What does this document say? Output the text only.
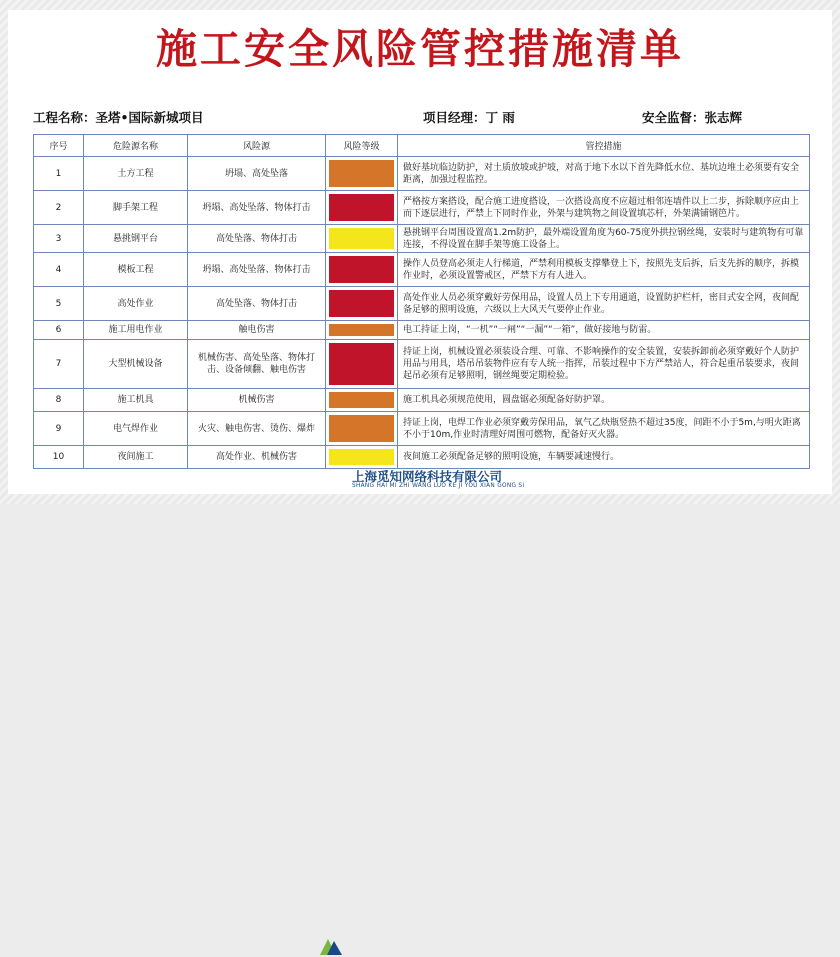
施工安全风险管控措施清单
工程名称：圣塔•国际新城项目	项目经理：丁 雨	安全监督：张志辉
序号	危险源名称	风险源	风险等级	管控措施
1	土方工程	坍塌、高处坠落		做好基坑临边防护，对土质放坡或护坡，对高于地下水以下首先降低水位、基坑边堆土必须要有安全距离，加强过程监控。
2	脚手架工程	坍塌、高处坠落、物体打击		严格按方案搭设，配合施工进度搭设，一次搭设高度不应超过相邻连墙件以上二步，拆除顺序应由上而下逐层进行，严禁上下同时作业，外架与建筑物之间设置填芯杆，外架满铺钢笆片。
3	悬挑钢平台	高处坠落、物体打击		悬挑钢平台周围设置高1.2m防护，最外端设置角度为60-75度外拱拉钢丝绳，安装时与建筑物有可靠连接，不得设置在脚手架等施工设备上。
4	模板工程	坍塌、高处坠落、物体打击		操作人员登高必须走人行梯道，严禁利用模板支撑攀登上下，按照先支后拆，后支先拆的顺序，拆模作业时，必须设置警戒区，严禁下方有人进入。
5	高处作业	高处坠落、物体打击		高处作业人员必须穿戴好劳保用品，设置人员上下专用通道，设置防护栏杆，密目式安全网，夜间配备足够的照明设施，六级以上大风天气要停止作业。
6	施工用电作业	触电伤害		电工持证上岗，“一机”“一闸”“一漏”“一箱”，做好接地与防雷。
7	大型机械设备	机械伤害、高处坠落、物体打击、设备倾翻、触电伤害		持证上岗，机械设置必须装设合理、可靠、不影响操作的安全装置，安装拆卸前必须穿戴好个人防护用品与用具，塔吊吊装物件应有专人统一指挥，吊装过程中下方严禁站人，符合起重吊装要求，夜间起吊必须有足够照明，钢丝绳要定期检验。
8	施工机具	机械伤害		施工机具必须规范使用，圆盘锯必须配备好防护罩。
9	电气焊作业	火灾、触电伤害、烫伤、爆炸		持证上岗，电焊工作业必须穿戴劳保用品，氧气乙炔瓶竖热不超过35度，间距不小于5m,与明火距离不小于10m,作业时清理好周围可燃物，配备好灭火器。
10	夜间施工	高处作业、机械伤害		夜间施工必须配备足够的照明设施，车辆要减速慢行。
上海觅知网络科技有限公司
SHANG HAI MI ZHI WANG LUO KE JI YOU XIAN GONG SI
